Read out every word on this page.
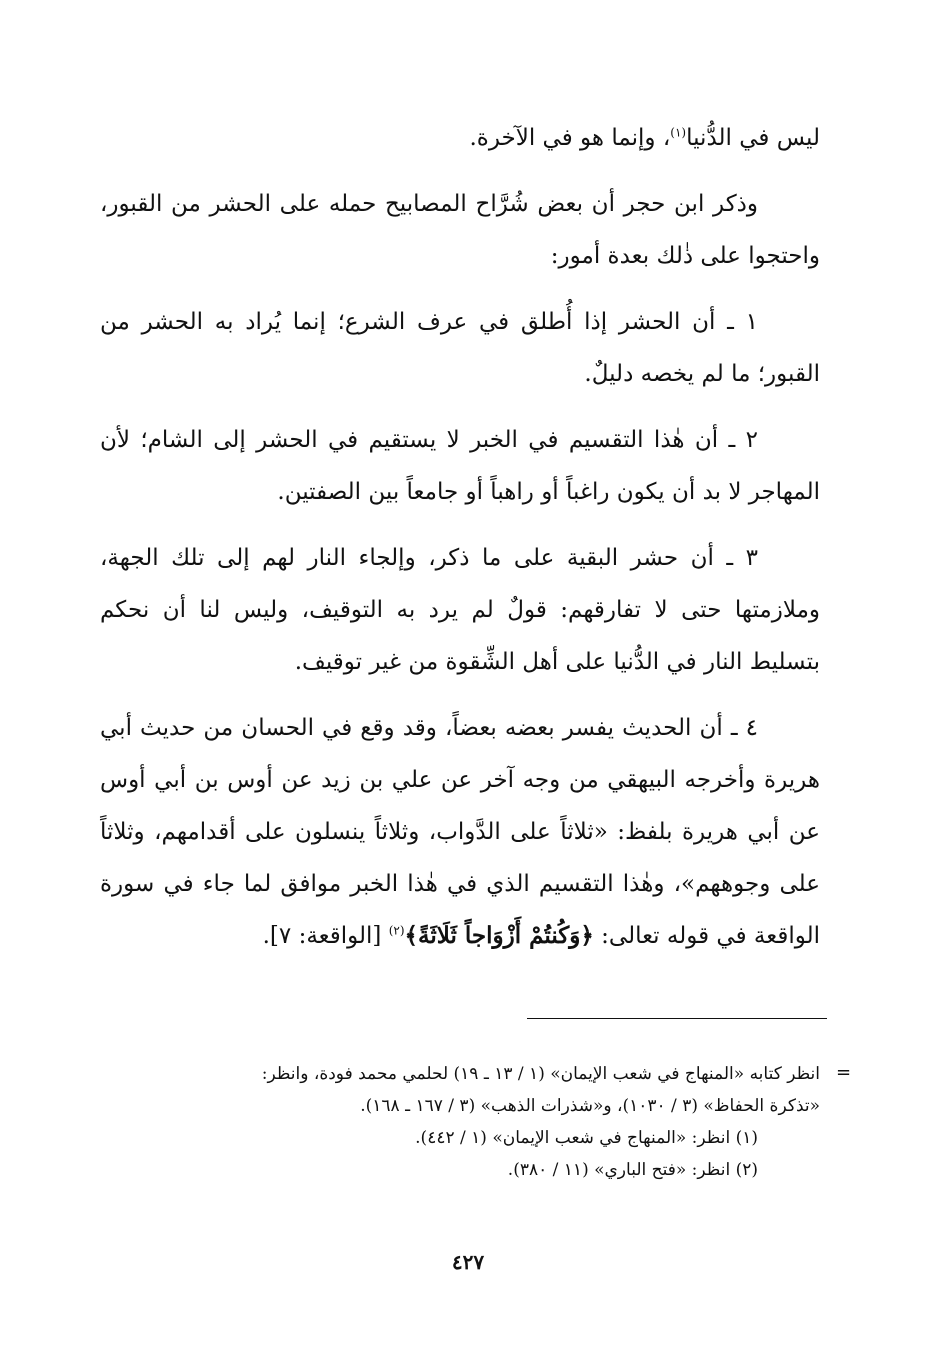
ليس في الدُّنيا$^{(١)}$، وإنما هو في الآخرة.

وذكر ابن حجر أن بعض شُرَّاح المصابيح حمله على الحشر من القبور، واحتجوا على ذٰلك بعدة أمور:

١ ـ أن الحشر إذا أُطلق في عرف الشرع؛ إنما يُراد به الحشر من القبور؛ ما لم يخصه دليلٌ.

٢ ـ أن هٰذا التقسيم في الخبر لا يستقيم في الحشر إلى الشام؛ لأن المهاجر لا بد أن يكون راغباً أو راهباً أو جامعاً بين الصفتين.

٣ ـ أن حشر البقية على ما ذكر، وإلجاء النار لهم إلى تلك الجهة، وملازمتها حتى لا تفارقهم: قولٌ لم يرد به التوقيف، وليس لنا أن نحكم بتسليط النار في الدُّنيا على أهل الشِّقوة من غير توقيف.

٤ ـ أن الحديث يفسر بعضه بعضاً، وقد وقع في الحسان من حديث أبي هريرة وأخرجه البيهقي من وجه آخر عن علي بن زيد عن أوس بن أبي أوس عن أبي هريرة بلفظ: «ثلاثاً على الدَّواب، وثلاثاً ينسلون على أقدامهم، وثلاثاً على وجوههم»، وهٰذا التقسيم الذي في هٰذا الخبر موافق لما جاء في سورة الواقعة في قوله تعالى: ﴿وَكُنتُمْ أَزْوَاجاً ثَلَاثَةً﴾$^{(٢)}$ [الواقعة: ٧].

=

انظر كتابه «المنهاج في شعب الإيمان» (١ / ١٣ ـ ١٩) لحلمي محمد فودة، وانظر:

«تذكرة الحفاظ» (٣ / ١٠٣٠)، و«شذرات الذهب» (٣ / ١٦٧ ـ ١٦٨).

(١) انظر: «المنهاج في شعب الإيمان» (١ / ٤٤٢).

(٢) انظر: «فتح الباري» (١١ / ٣٨٠).

٤٢٧
